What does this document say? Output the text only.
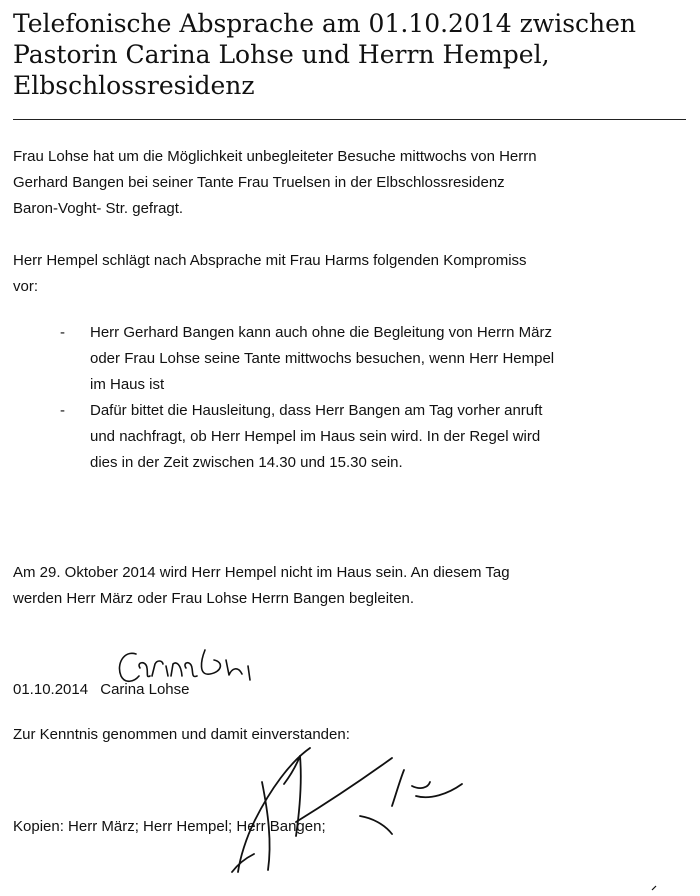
Telefonische Absprache am 01.10.2014 zwischen
Pastorin Carina Lohse und Herrn Hempel,
Elbschlossresidenz
Frau Lohse hat um die Möglichkeit unbegleiteter Besuche mittwochs von Herrn
Gerhard Bangen bei seiner Tante Frau Truelsen in der Elbschlossresidenz
Baron-Voght- Str. gefragt.
Herr Hempel schlägt nach Absprache mit Frau Harms folgenden Kompromiss
vor:
- Herr Gerhard Bangen kann auch ohne die Begleitung von Herrn März
oder Frau Lohse seine Tante mittwochs besuchen, wenn Herr Hempel
im Haus ist
- Dafür bittet die Hausleitung, dass Herr Bangen am Tag vorher anruft
und nachfragt, ob Herr Hempel im Haus sein wird. In der Regel wird
dies in der Zeit zwischen 14.30 und 15.30 sein.
Am 29. Oktober 2014 wird Herr Hempel nicht im Haus sein. An diesem Tag
werden Herr März oder Frau Lohse Herrn Bangen begleiten.
01.10.2014 Carina Lohse
Zur Kenntnis genommen und damit einverstanden:
Kopien: Herr März; Herr Hempel; Herr Bangen;
